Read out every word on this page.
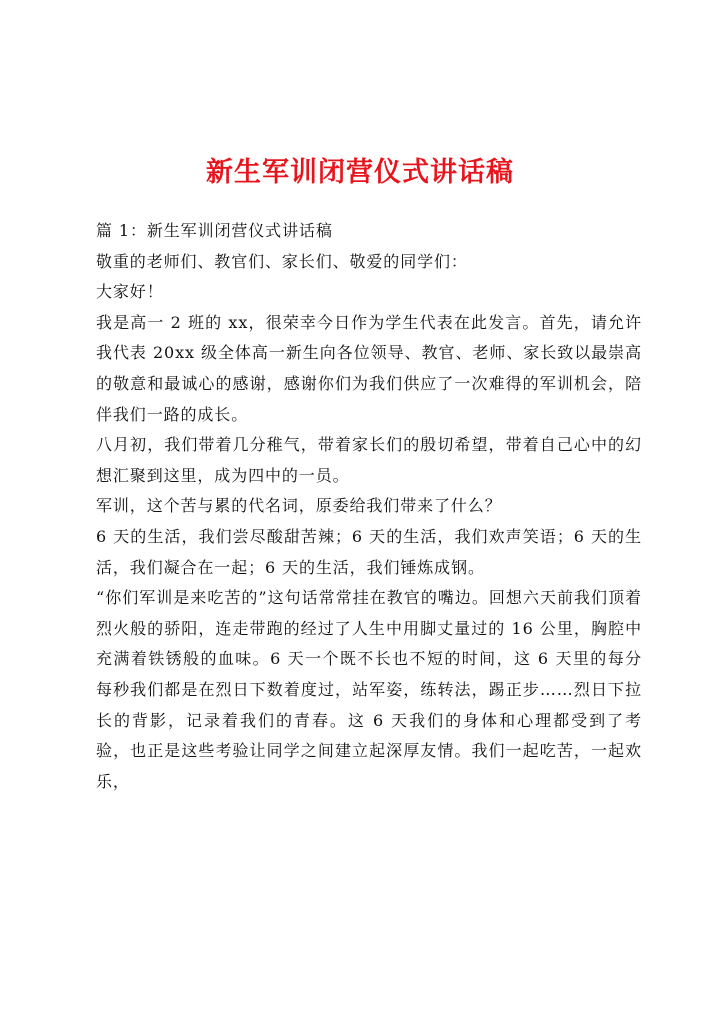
新生军训闭营仪式讲话稿

篇 1：新生军训闭营仪式讲话稿

敬重的老师们、教官们、家长们、敬爱的同学们：

大家好！

我是高一 2 班的 xx，很荣幸今日作为学生代表在此发言。首先，请允许我代表 20xx 级全体高一新生向各位领导、教官、老师、家长致以最崇高的敬意和最诚心的感谢，感谢你们为我们供应了一次难得的军训机会，陪伴我们一路的成长。

八月初，我们带着几分稚气，带着家长们的殷切希望，带着自己心中的幻想汇聚到这里，成为四中的一员。

军训，这个苦与累的代名词，原委给我们带来了什么？

6 天的生活，我们尝尽酸甜苦辣；6 天的生活，我们欢声笑语；6 天的生活，我们凝合在一起；6 天的生活，我们锤炼成钢。

“你们军训是来吃苦的”这句话常常挂在教官的嘴边。回想六天前我们顶着烈火般的骄阳，连走带跑的经过了人生中用脚丈量过的 16 公里，胸腔中充满着铁锈般的血味。6 天一个既不长也不短的时间，这 6 天里的每分每秒我们都是在烈日下数着度过，站军姿，练转法，踢正步……烈日下拉长的背影，记录着我们的青春。这 6 天我们的身体和心理都受到了考验，也正是这些考验让同学之间建立起深厚友情。我们一起吃苦，一起欢乐，
